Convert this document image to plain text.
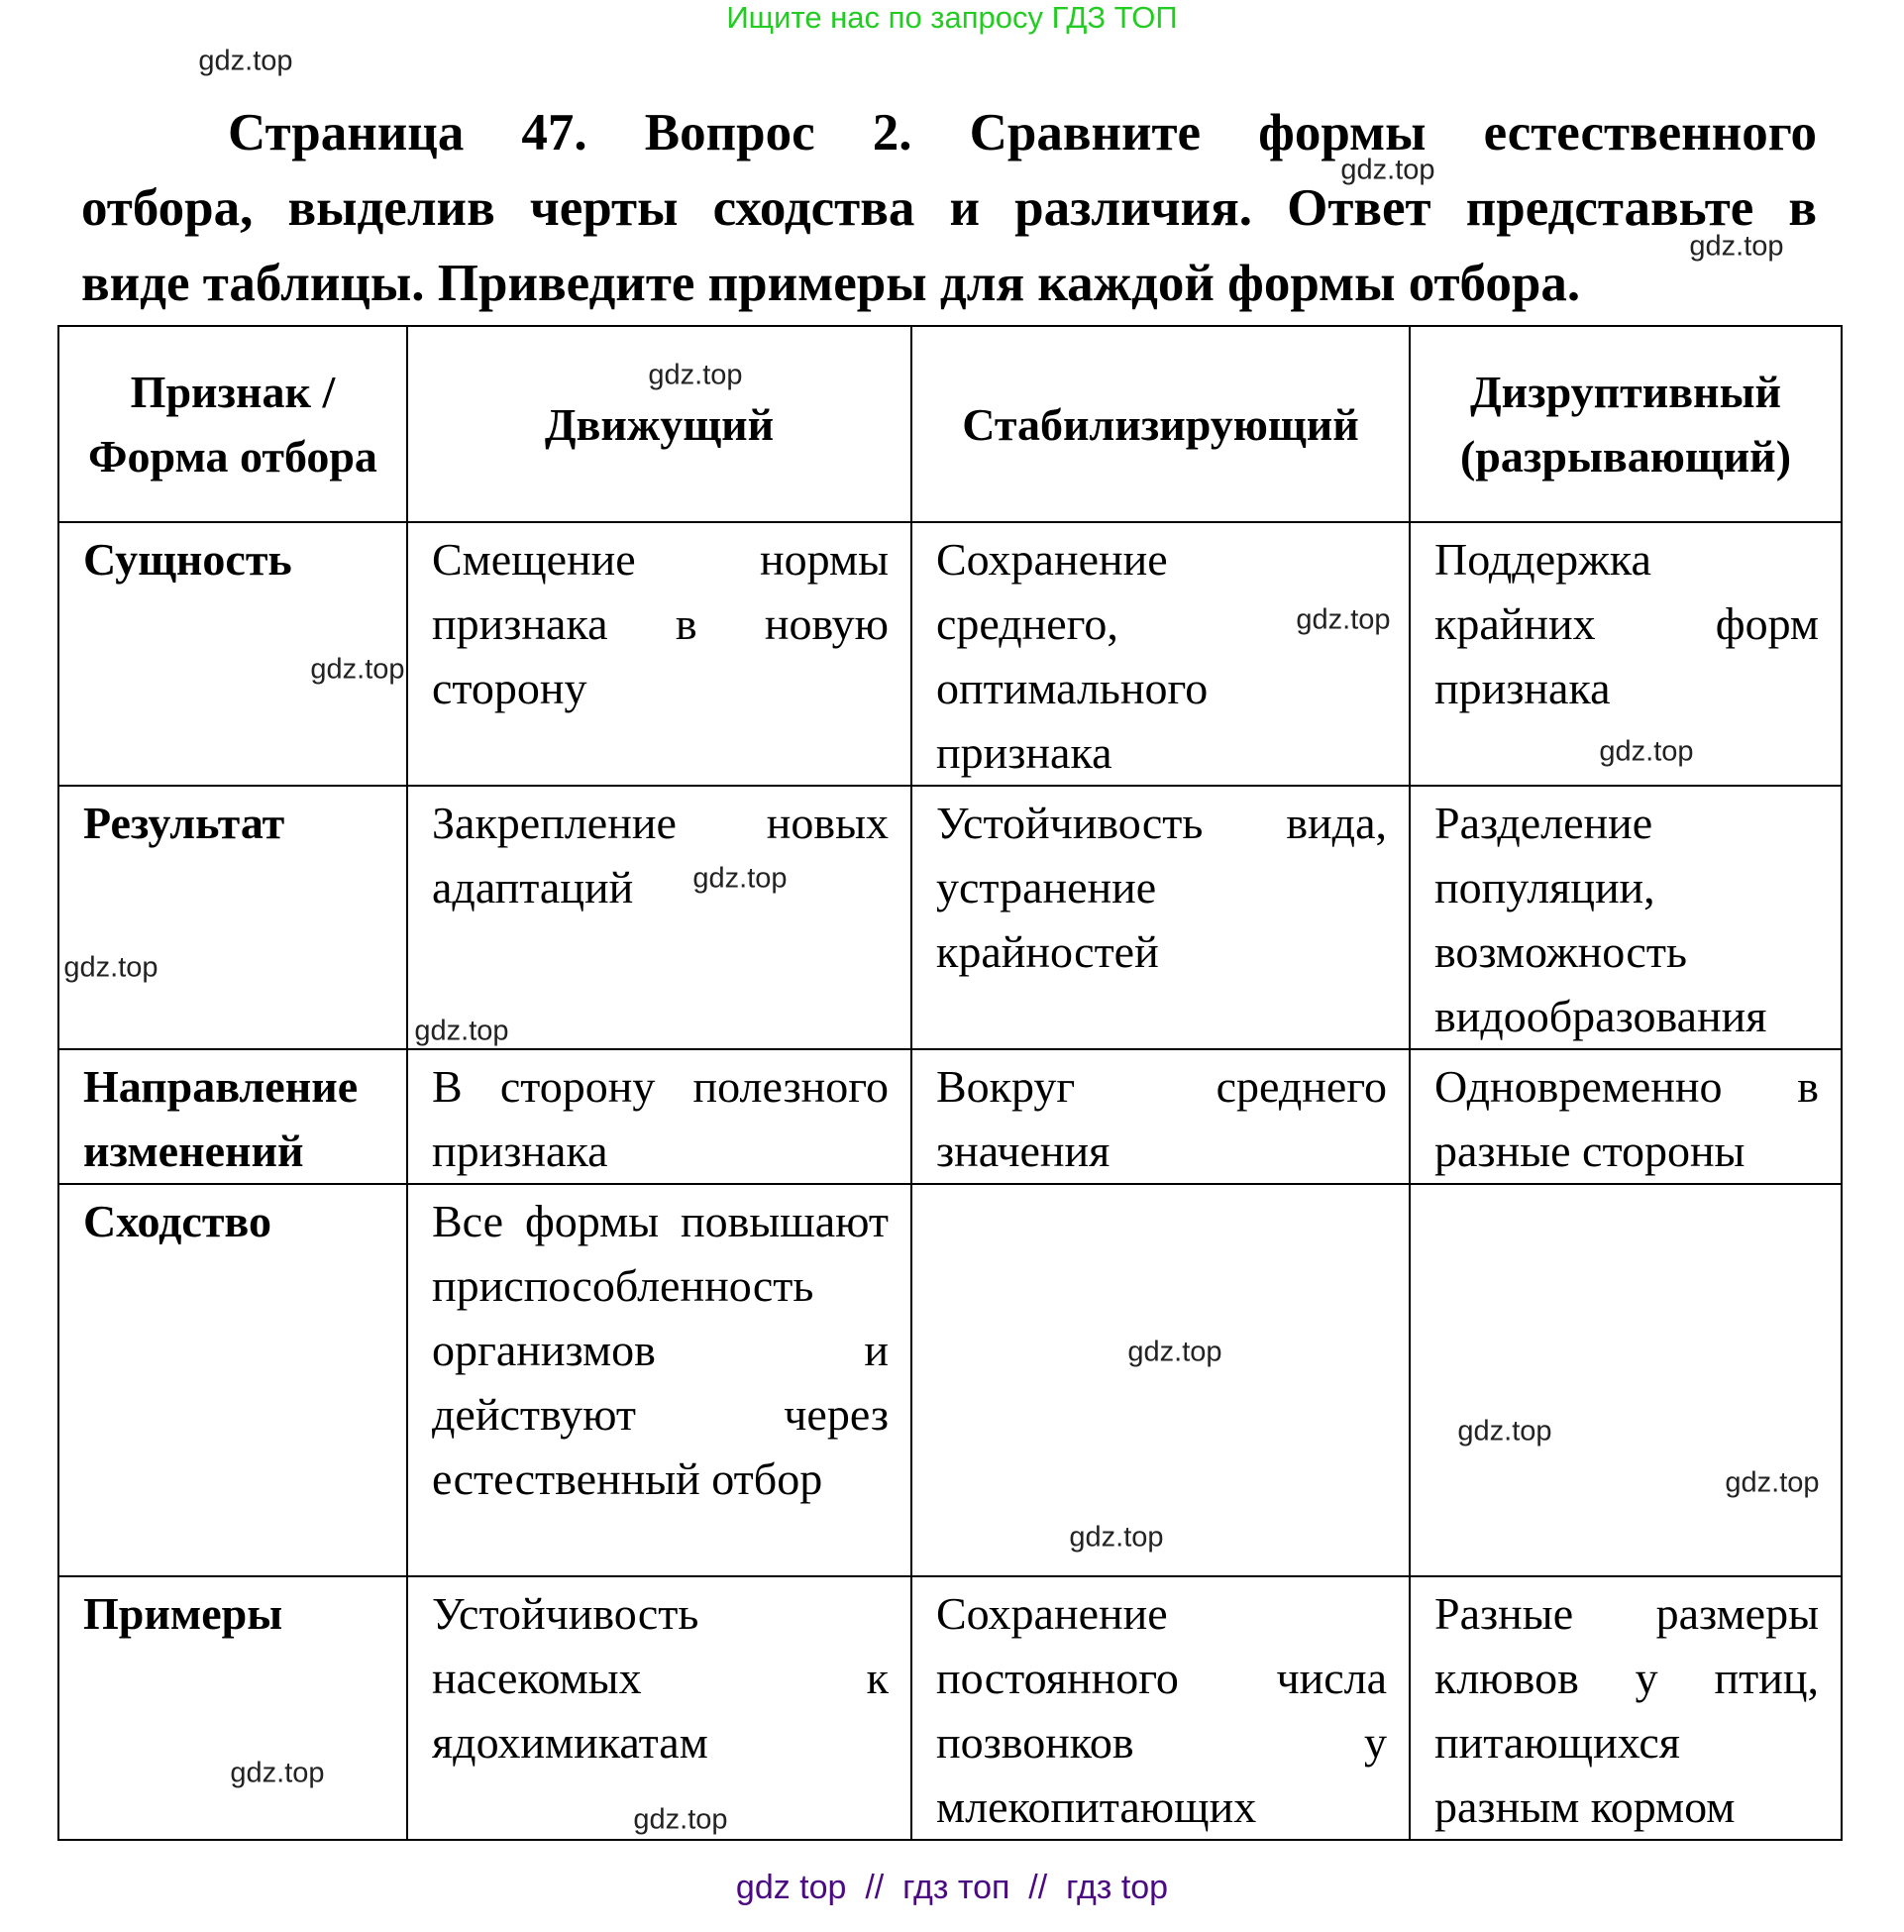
Ищите нас по запросу ГДЗ ТОП
Страница 47. Вопрос 2. Сравните формы естественного
отбора, выделив черты сходства и различия. Ответ представьте в
виде таблицы. Приведите примеры для каждой формы отбора.
Признак / Форма отбора	Движущий	Стабилизирующий	Дизруптивный (разрывающий)
Сущность	Смещение нормы признака в новую сторону	Сохранение среднего, оптимального признака	Поддержка крайних форм признака
Результат	Закрепление новых адаптаций	Устойчивость вида, устранение крайностей	Разделение популяции, возможность видообразования
Направление изменений	В сторону полезного признака	Вокруг среднего значения	Одновременно в разные стороны
Сходство	Все формы повышают приспособленность организмов и действуют через естественный отбор		
Примеры	Устойчивость насекомых к ядохимикатам	Сохранение постоянного числа позвонков у млекопитающих	Разные размеры клювов у птиц, питающихся разным кормом
gdz.top
gdz.top
gdz.top
gdz.top
gdz.top
gdz.top
gdz.top
gdz.top
gdz.top
gdz.top
gdz.top
gdz.top
gdz.top
gdz.top
gdz.top
gdz.top
gdz top  //  гдз топ  //  гдз top
